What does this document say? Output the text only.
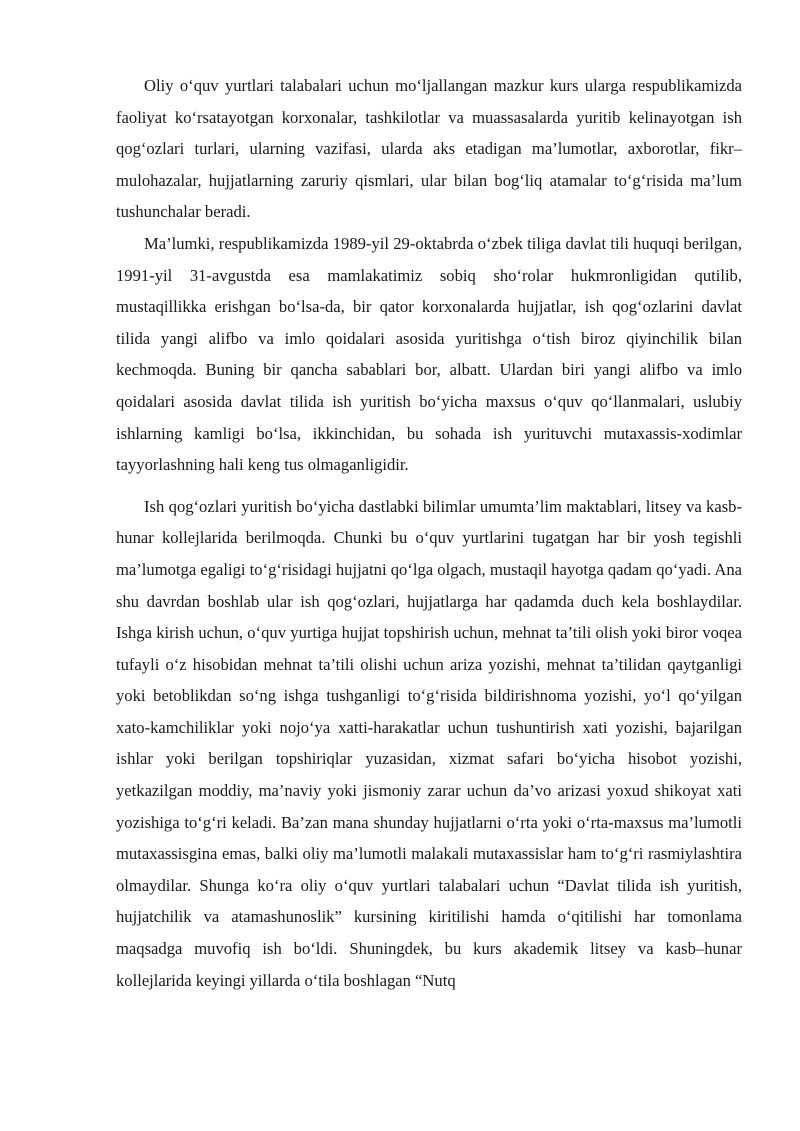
Oliy o‘quv yurtlari talabalari uchun mo‘ljallangan mazkur kurs ularga respublikamizda faoliyat ko‘rsatayotgan korxonalar, tashkilotlar va muassasalarda yuritib kelinayotgan ish qog‘ozlari turlari, ularning vazifasi, ularda aks etadigan ma’lumotlar, axborotlar, fikr–mulohazalar, hujjatlarning zaruriy qismlari, ular bilan bog‘liq atamalar to‘g‘risida ma’lum tushunchalar beradi.

Ma’lumki, respublikamizda 1989-yil 29-oktabrda o‘zbek tiliga davlat tili huquqi berilgan, 1991-yil 31-avgustda esa mamlakatimiz sobiq sho‘rolar hukmronligidan qutilib, mustaqillikka erishgan bo‘lsa-da, bir qator korxonalarda hujjatlar, ish qog‘ozlarini davlat tilida yangi alifbo va imlo qoidalari asosida yuritishga o‘tish biroz qiyinchilik bilan kechmoqda. Buning bir qancha sabablari bor, albatt. Ulardan biri yangi alifbo va imlo qoidalari asosida davlat tilida ish yuritish bo‘yicha maxsus o‘quv qo‘llanmalari, uslubiy ishlarning kamligi bo‘lsa, ikkinchidan, bu sohada ish yurituvchi mutaxassis-xodimlar tayyorlashning hali keng tus olmaganligidir.

Ish qog‘ozlari yuritish bo‘yicha dastlabki bilimlar umumta’lim maktablari, litsey va kasb-hunar kollejlarida berilmoqda. Chunki bu o‘quv yurtlarini tugatgan har bir yosh tegishli ma’lumotga egaligi to‘g‘risidagi hujjatni qo‘lga olgach, mustaqil hayotga qadam qo‘yadi. Ana shu davrdan boshlab ular ish qog‘ozlari, hujjatlarga har qadamda duch kela boshlaydilar. Ishga kirish uchun, o‘quv yurtiga hujjat topshirish uchun, mehnat ta’tili olish yoki biror voqea tufayli o‘z hisobidan mehnat ta’tili olishi uchun ariza yozishi, mehnat ta’tilidan qaytganligi yoki betoblikdan so‘ng ishga tushganligi to‘g‘risida bildirishnoma yozishi, yo‘l qo‘yilgan xato-kamchiliklar yoki nojo‘ya xatti-harakatlar uchun tushuntirish xati yozishi, bajarilgan ishlar yoki berilgan topshiriqlar yuzasidan, xizmat safari bo‘yicha hisobot yozishi, yetkazilgan moddiy, ma’naviy yoki jismoniy zarar uchun da’vo arizasi yoxud shikoyat xati yozishiga to‘g‘ri keladi. Ba’zan mana shunday hujjatlarni o‘rta yoki o‘rta-maxsus ma’lumotli mutaxassisgina emas, balki oliy ma’lumotli malakali mutaxassislar ham to‘g‘ri rasmiylashtira olmaydilar. Shunga ko‘ra oliy o‘quv yurtlari talabalari uchun “Davlat tilida ish yuritish, hujjatchilik va atamashunoslik” kursining kiritilishi hamda o‘qitilishi har tomonlama maqsadga muvofiq ish bo‘ldi. Shuningdek, bu kurs akademik litsey va kasb–hunar kollejlarida keyingi yillarda o‘tila boshlagan “Nutq
